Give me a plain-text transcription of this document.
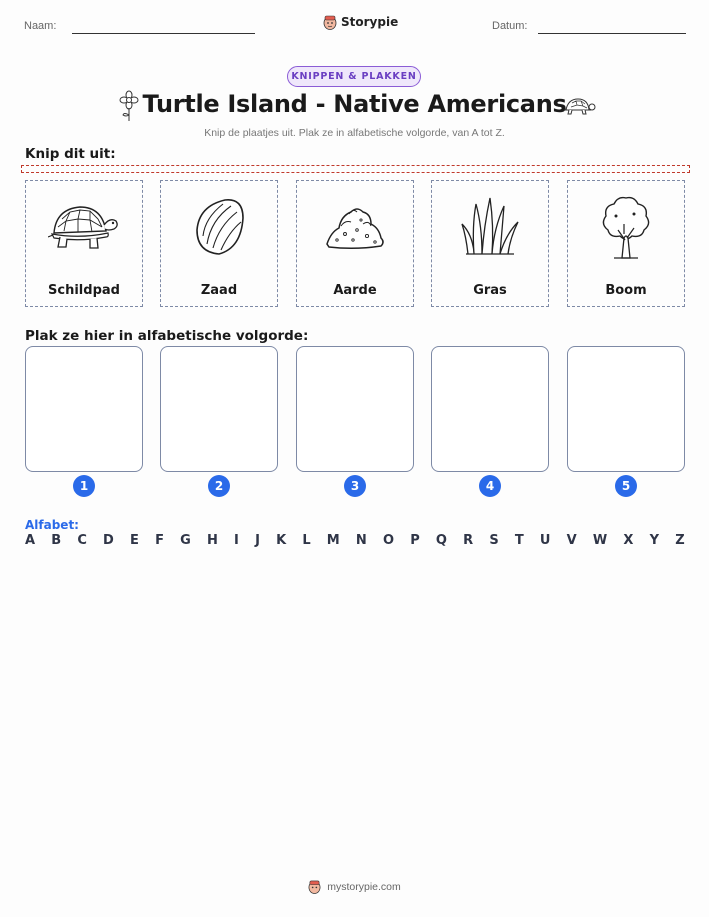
Naam:	Storypie	Datum:
KNIPPEN & PLAKKEN
Turtle Island - Native Americans
Knip de plaatjes uit. Plak ze in alfabetische volgorde, van A tot Z.
Knip dit uit:
Schildpad	Zaad	Aarde	Gras	Boom
Plak ze hier in alfabetische volgorde:
1	2	3	4	5
Alfabet:
A B C D E F G H I J K L M N O P Q R S T U V W X Y Z
mystorypie.com
